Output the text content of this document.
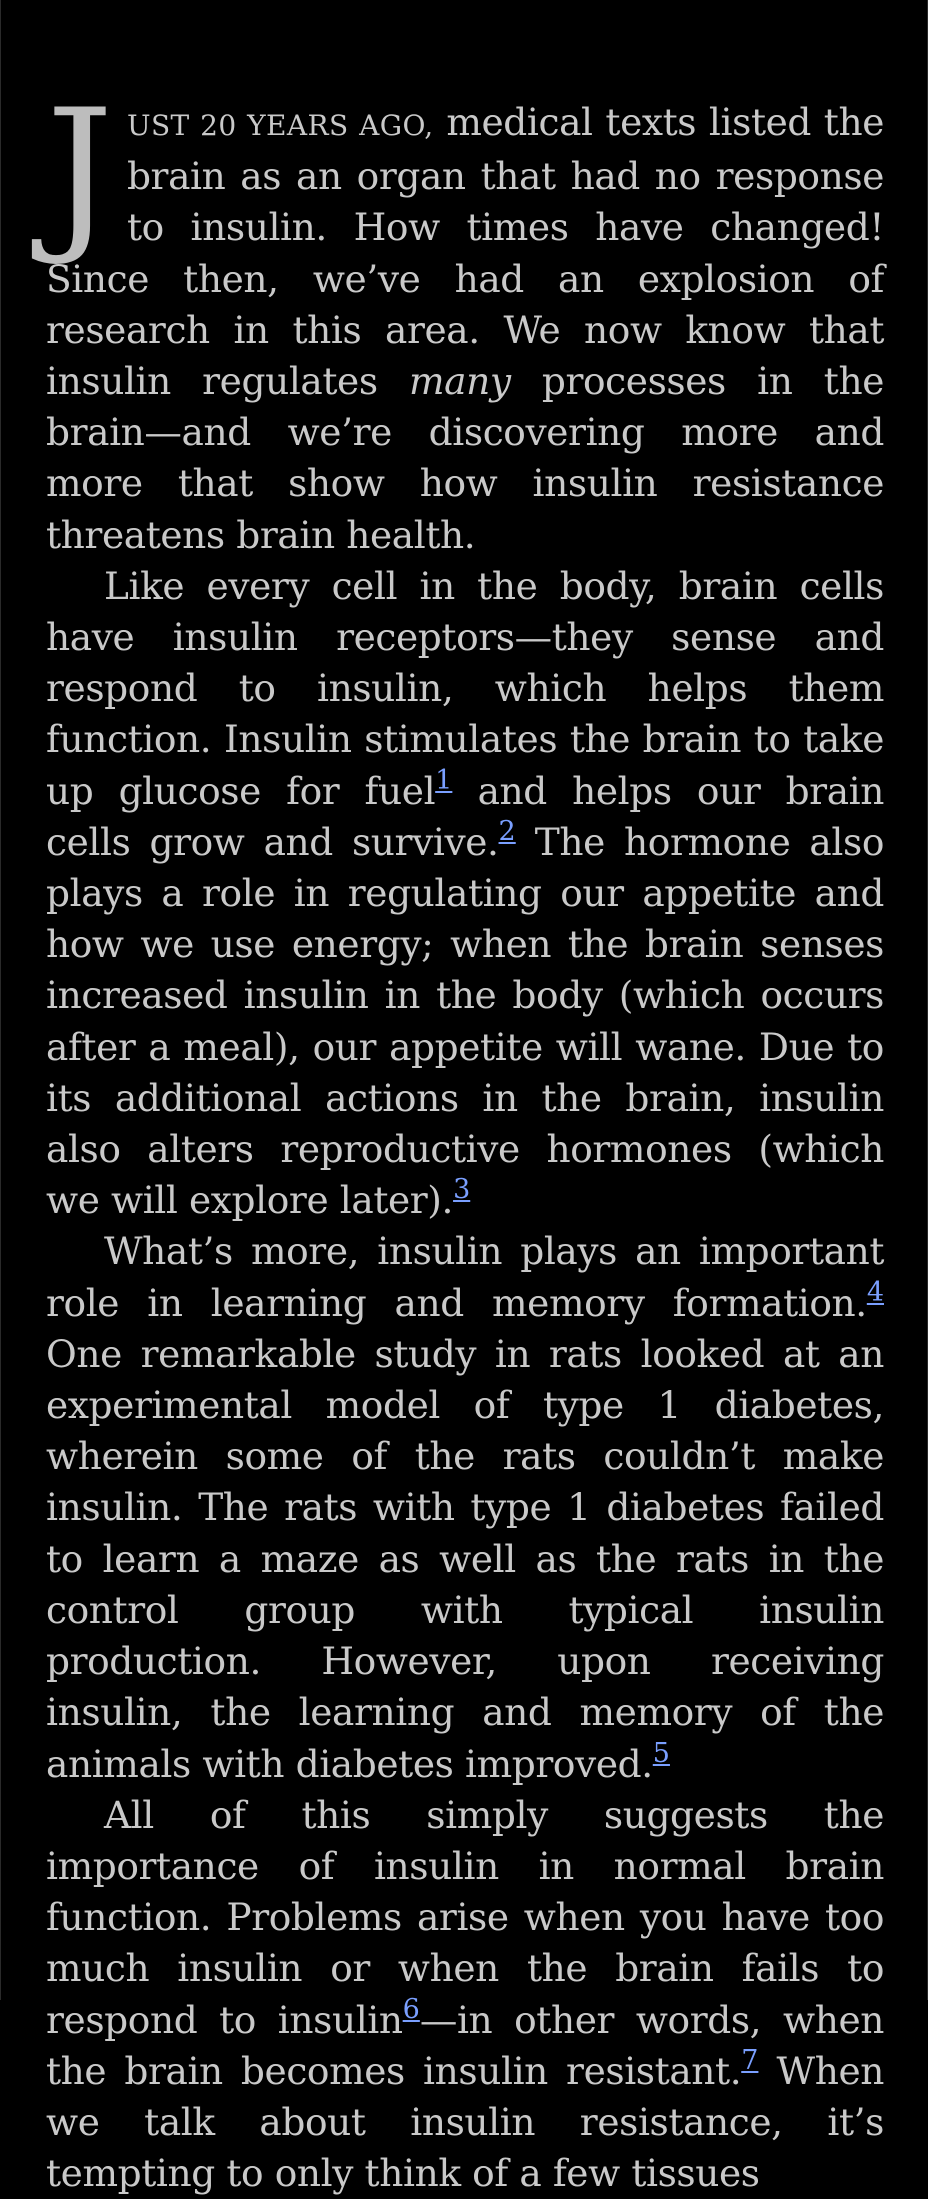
JUST 20 YEARS AGO, medical texts listed the brain as an organ that had no response to insulin. How times have changed! Since then, we’ve had an explosion of research in this area. We now know that insulin regulates many processes in the brain—and we’re discovering more and more that show how insulin resistance threatens brain health.

Like every cell in the body, brain cells have insulin receptors—they sense and respond to insulin, which helps them function. Insulin stimulates the brain to take up glucose for fuel$^1$ and helps our brain cells grow and survive.$^2$ The hormone also plays a role in regulating our appetite and how we use energy; when the brain senses increased insulin in the body (which occurs after a meal), our appetite will wane. Due to its additional actions in the brain, insulin also alters reproductive hormones (which we will explore later).$^3$

What’s more, insulin plays an important role in learning and memory formation.$^4$ One remarkable study in rats looked at an experimental model of type 1 diabetes, wherein some of the rats couldn’t make insulin. The rats with type 1 diabetes failed to learn a maze as well as the rats in the control group with typical insulin production. However, upon receiving insulin, the learning and memory of the animals with diabetes improved.$^5$

All of this simply suggests the importance of insulin in normal brain function. Problems arise when you have too much insulin or when the brain fails to respond to insulin$^6$—in other words, when the brain becomes insulin resistant.$^7$ When we talk about insulin resistance, it’s tempting to only think of a few tissues
